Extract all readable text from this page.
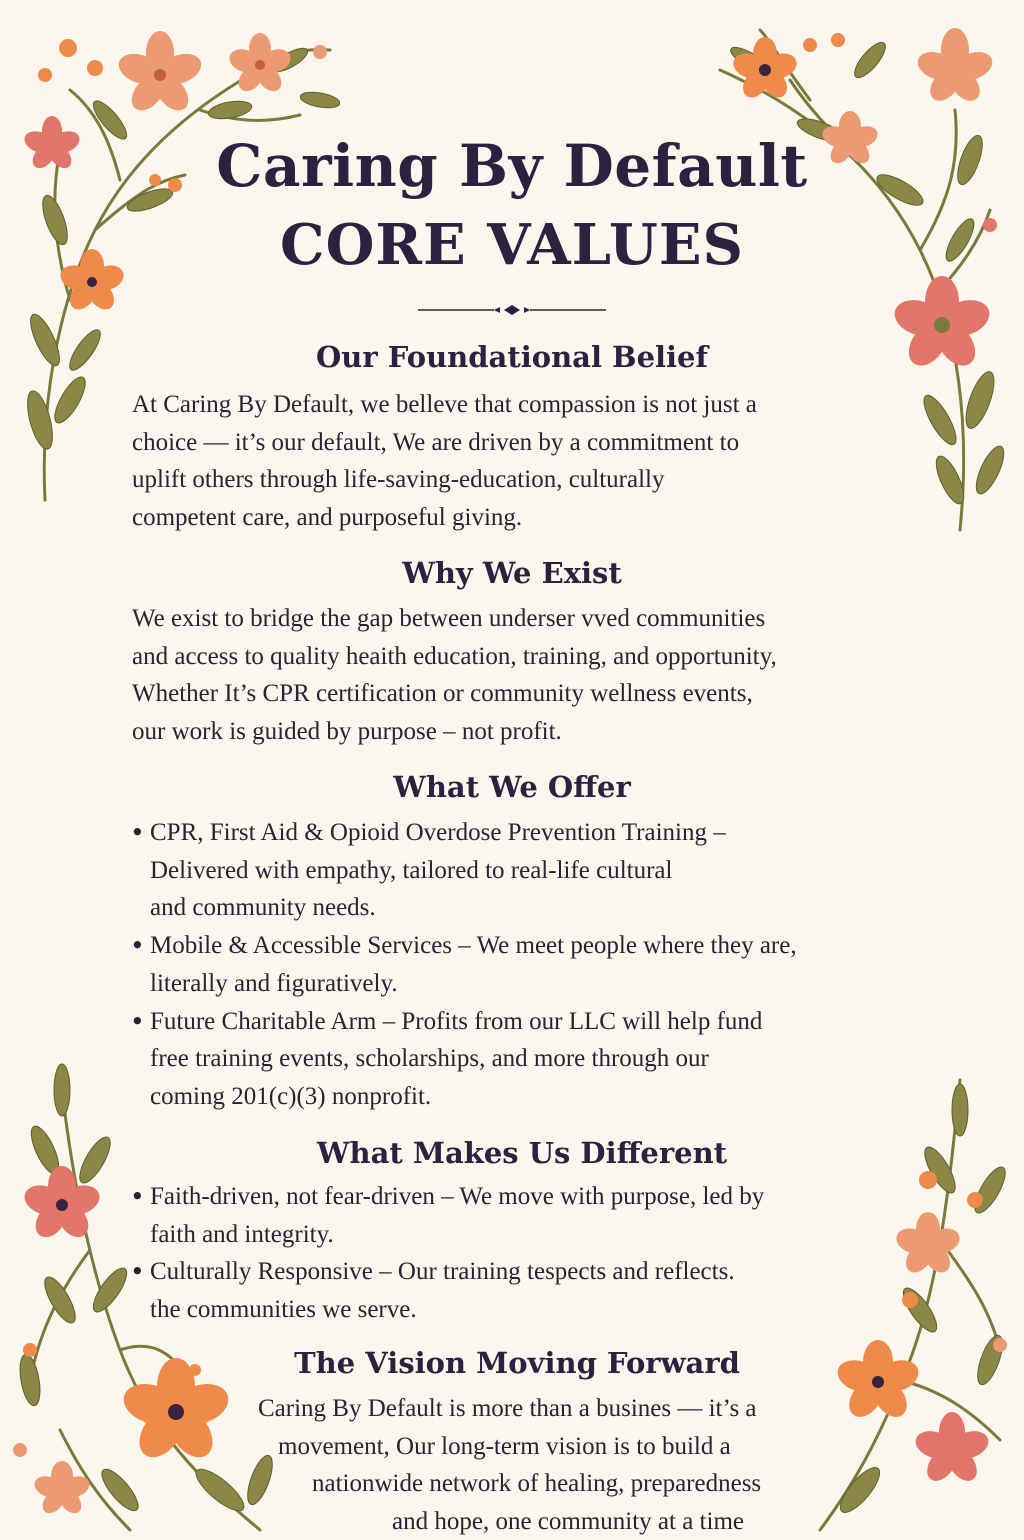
Caring By Default
CORE VALUES
Our Foundational Belief
At Caring By Default, we belleve that compassion is not just a
choice — it’s our default, We are driven by a commitment to
uplift others through life-saving-education, culturally
competent care, and purposeful giving.
Why We Exist
We exist to bridge the gap between underser vved communities
and access to quality heaith education, training, and opportunity,
Whether It’s CPR certification or community wellness events,
our work is guided by purpose – not profit.
What We Offer
• CPR, First Aid & Opioid Overdose Prevention Training –
Delivered with empathy, tailored to real-life cultural
and community needs.
• Mobile & Accessible Services – We meet people where they are,
literally and figuratively.
• Future Charitable Arm – Profits from our LLC will help fund
free training events, scholarships, and more through our
coming 201(c)(3) nonprofit.
What Makes Us Different
• Faith-driven, not fear-driven – We move with purpose, led by
faith and integrity.
• Culturally Responsive – Our training tespects and reflects.
the communities we serve.
The Vision Moving Forward
Caring By Default is more than a busines — it’s a
movement, Our long-term vision is to build a
nationwide network of healing, preparedness
and hope, one community at a time
